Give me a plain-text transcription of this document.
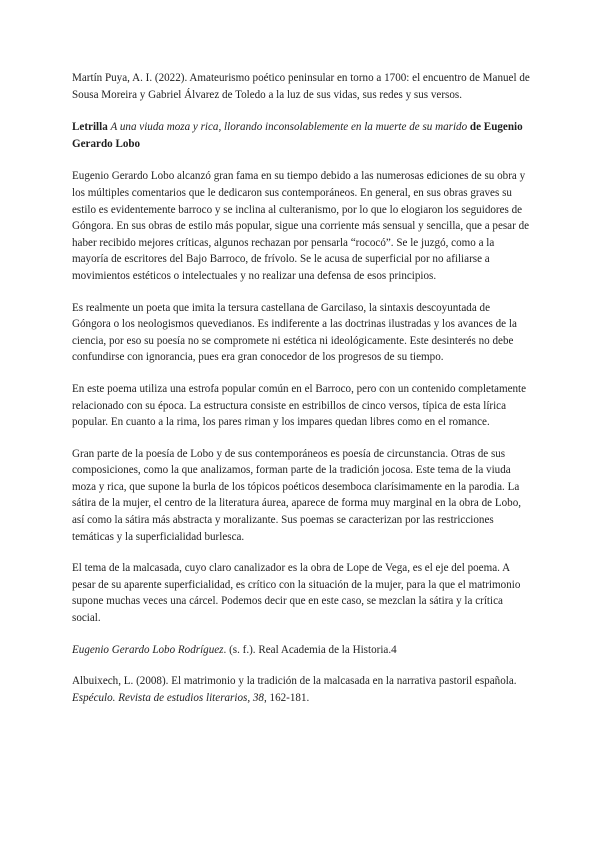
Martín Puya, A. I. (2022). Amateurismo poético peninsular en torno a 1700: el encuentro de Manuel de Sousa Moreira y Gabriel Álvarez de Toledo a la luz de sus vidas, sus redes y sus versos.

Letrilla A una viuda moza y rica, llorando inconsolablemente en la muerte de su marido de Eugenio Gerardo Lobo

Eugenio Gerardo Lobo alcanzó gran fama en su tiempo debido a las numerosas ediciones de su obra y los múltiples comentarios que le dedicaron sus contemporáneos. En general, en sus obras graves su estilo es evidentemente barroco y se inclina al culteranismo, por lo que lo elogiaron los seguidores de Góngora. En sus obras de estilo más popular, sigue una corriente más sensual y sencilla, que a pesar de haber recibido mejores críticas, algunos rechazan por pensarla “rococó”. Se le juzgó, como a la mayoría de escritores del Bajo Barroco, de frívolo. Se le acusa de superficial por no afiliarse a movimientos estéticos o intelectuales y no realizar una defensa de esos principios.

Es realmente un poeta que imita la tersura castellana de Garcilaso, la sintaxis descoyuntada de Góngora o los neologismos quevedianos. Es indiferente a las doctrinas ilustradas y los avances de la ciencia, por eso su poesía no se compromete ni estética ni ideológicamente. Este desinterés no debe confundirse con ignorancia, pues era gran conocedor de los progresos de su tiempo.

En este poema utiliza una estrofa popular común en el Barroco, pero con un contenido completamente relacionado con su época. La estructura consiste en estribillos de cinco versos, típica de esta lírica popular. En cuanto a la rima, los pares riman y los impares quedan libres como en el romance.

Gran parte de la poesía de Lobo y de sus contemporáneos es poesía de circunstancia. Otras de sus composiciones, como la que analizamos, forman parte de la tradición jocosa. Este tema de la viuda moza y rica, que supone la burla de los tópicos poéticos desemboca clarísimamente en la parodia. La sátira de la mujer, el centro de la literatura áurea, aparece de forma muy marginal en la obra de Lobo, así como la sátira más abstracta y moralizante. Sus poemas se caracterizan por las restricciones temáticas y la superficialidad burlesca.

El tema de la malcasada, cuyo claro canalizador es la obra de Lope de Vega, es el eje del poema. A pesar de su aparente superficialidad, es crítico con la situación de la mujer, para la que el matrimonio supone muchas veces una cárcel. Podemos decir que en este caso, se mezclan la sátira y la crítica social.

Eugenio Gerardo Lobo Rodríguez. (s. f.). Real Academia de la Historia.4

Albuixech, L. (2008). El matrimonio y la tradición de la malcasada en la narrativa pastoril española. Espéculo. Revista de estudios literarios, 38, 162-181.
